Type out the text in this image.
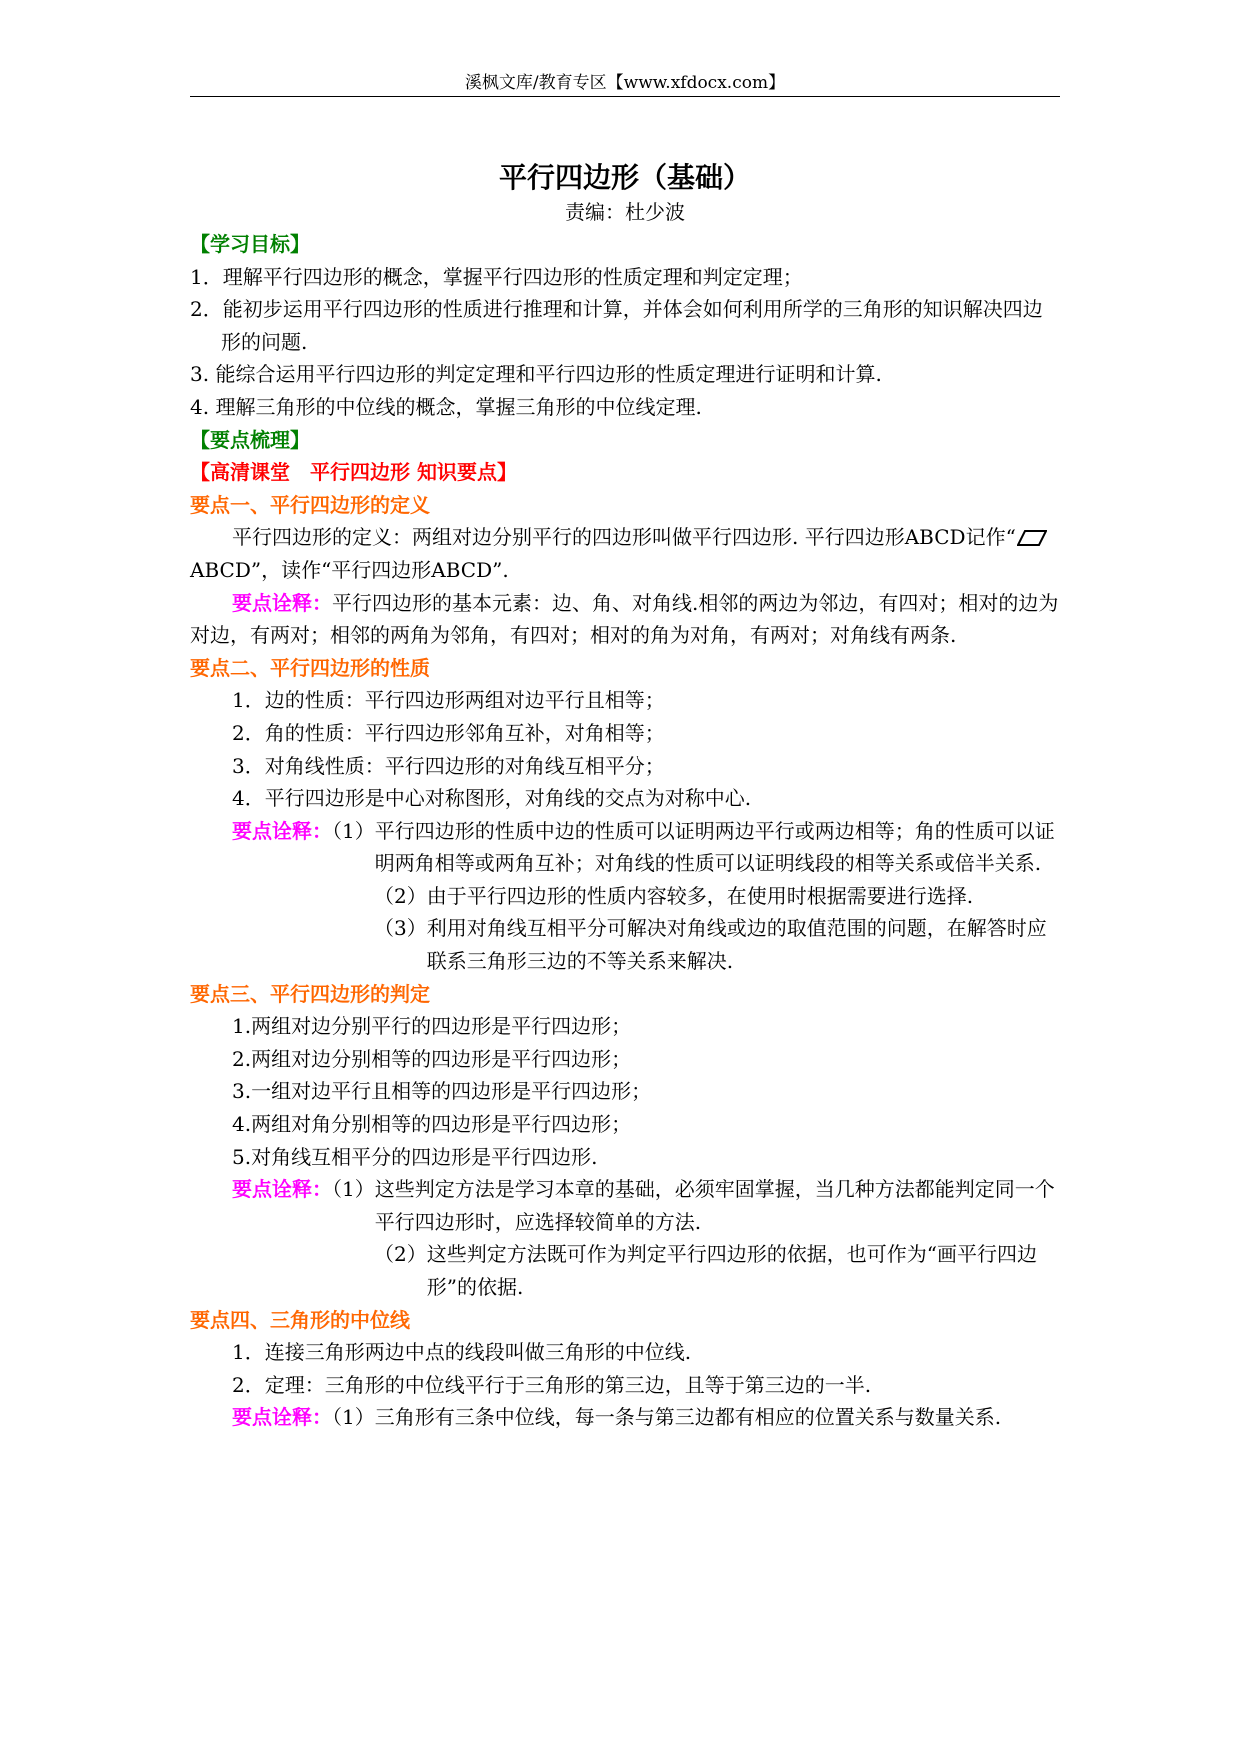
溪枫文库/教育专区【www.xfdocx.com】

平行四边形（基础）

责编：杜少波

【学习目标】

1．理解平行四边形的概念，掌握平行四边形的性质定理和判定定理；

2．能初步运用平行四边形的性质进行推理和计算，并体会如何利用所学的三角形的知识解决四边形的问题.

3. 能综合运用平行四边形的判定定理和平行四边形的性质定理进行证明和计算.

4. 理解三角形的中位线的概念，掌握三角形的中位线定理.

【要点梳理】

【高清课堂　平行四边形 知识要点】

要点一、平行四边形的定义

平行四边形的定义：两组对边分别平行的四边形叫做平行四边形. 平行四边形ABCD记作“ABCD”，读作“平行四边形ABCD”.

要点诠释：平行四边形的基本元素：边、角、对角线.相邻的两边为邻边，有四对；相对的边为对边，有两对；相邻的两角为邻角，有四对；相对的角为对角，有两对；对角线有两条.

要点二、平行四边形的性质

1．边的性质：平行四边形两组对边平行且相等；

2．角的性质：平行四边形邻角互补，对角相等；

3．对角线性质：平行四边形的对角线互相平分；

4．平行四边形是中心对称图形，对角线的交点为对称中心.

要点诠释：（1） 平行四边形的性质中边的性质可以证明两边平行或两边相等；角的性质可以证明两角相等或两角互补；对角线的性质可以证明线段的相等关系或倍半关系.
（2） 由于平行四边形的性质内容较多，在使用时根据需要进行选择.
（3） 利用对角线互相平分可解决对角线或边的取值范围的问题，在解答时应联系三角形三边的不等关系来解决.

要点三、平行四边形的判定

1.两组对边分别平行的四边形是平行四边形；

2.两组对边分别相等的四边形是平行四边形；

3.一组对边平行且相等的四边形是平行四边形；

4.两组对角分别相等的四边形是平行四边形；

5.对角线互相平分的四边形是平行四边形.

要点诠释：（1） 这些判定方法是学习本章的基础，必须牢固掌握，当几种方法都能判定同一个平行四边形时，应选择较简单的方法.
（2） 这些判定方法既可作为判定平行四边形的依据，也可作为“画平行四边形”的依据.

要点四、三角形的中位线

1．连接三角形两边中点的线段叫做三角形的中位线.

2．定理：三角形的中位线平行于三角形的第三边，且等于第三边的一半.

要点诠释：（1） 三角形有三条中位线，每一条与第三边都有相应的位置关系与数量关系.
